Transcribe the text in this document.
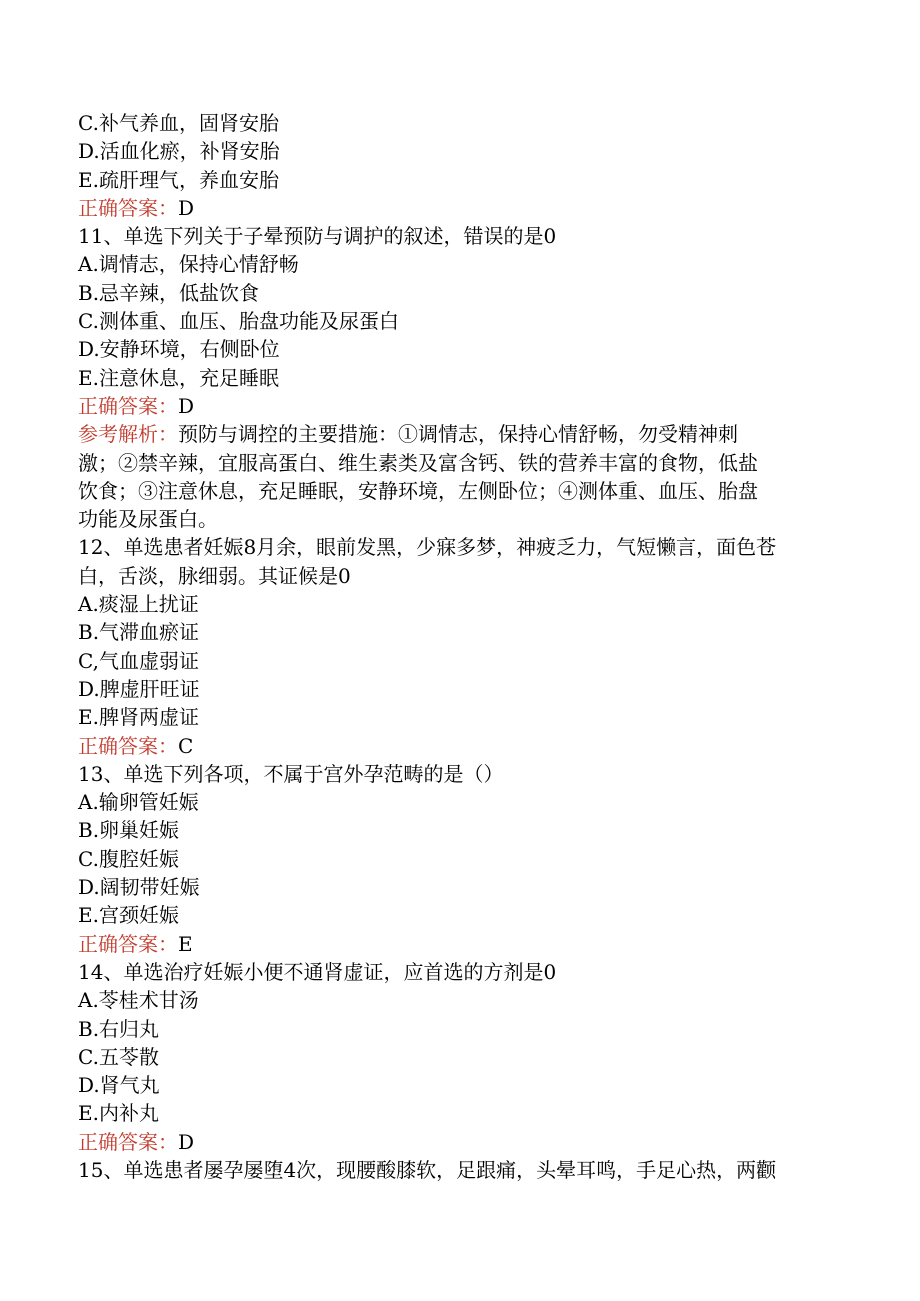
C.补气养血，固肾安胎
D.活血化瘀，补肾安胎
E.疏肝理气，养血安胎
正确答案：D
11、单选下列关于子晕预防与调护的叙述，错误的是0
A.调情志，保持心情舒畅
B.忌辛辣，低盐饮食
C.测体重、血压、胎盘功能及尿蛋白
D.安静环境，右侧卧位
E.注意休息，充足睡眠
正确答案：D
参考解析：预防与调控的主要措施：①调情志，保持心情舒畅，勿受精神刺
激；②禁辛辣，宜服高蛋白、维生素类及富含钙、铁的营养丰富的食物，低盐
饮食；③注意休息，充足睡眠，安静环境，左侧卧位；④测体重、血压、胎盘
功能及尿蛋白。
12、单选患者妊娠8月余，眼前发黑，少寐多梦，神疲乏力，气短懒言，面色苍
白，舌淡，脉细弱。其证候是0
A.痰湿上扰证
B.气滞血瘀证
C,气血虚弱证
D.脾虚肝旺证
E.脾肾两虚证
正确答案：C
13、单选下列各项，不属于宫外孕范畴的是（）
A.输卵管妊娠
B.卵巢妊娠
C.腹腔妊娠
D.阔韧带妊娠
E.宫颈妊娠
正确答案：E
14、单选治疗妊娠小便不通肾虚证，应首选的方剂是0
A.苓桂术甘汤
B.右归丸
C.五苓散
D.肾气丸
E.内补丸
正确答案：D
15、单选患者屡孕屡堕4次，现腰酸膝软，足跟痛，头晕耳鸣，手足心热，两颧
